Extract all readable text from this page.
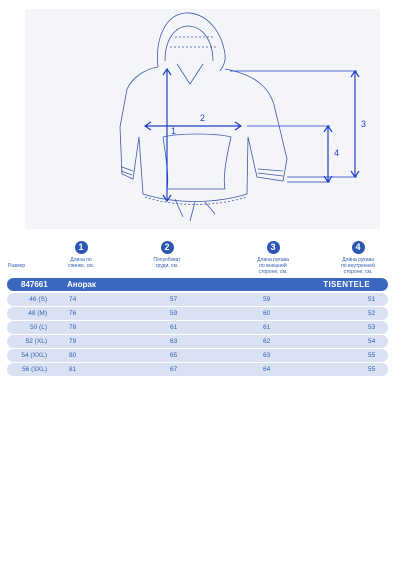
1
2
3
4
Размер
1
Длина по
спинке, см.
2
Полуобхват
груди, см.
3
Длина рукава
по внешней
стороне, см.
4
Длина рукава
по внутренней
стороне, см.
847661 Анорак	TISENTELE
46 (S)	74	57	59	51
48 (M)	76	59	60	52
50 (L)	78	61	61	53
52 (XL)	79	63	62	54
54 (XXL)	80	65	63	55
56 (3XL)	81	67	64	55
